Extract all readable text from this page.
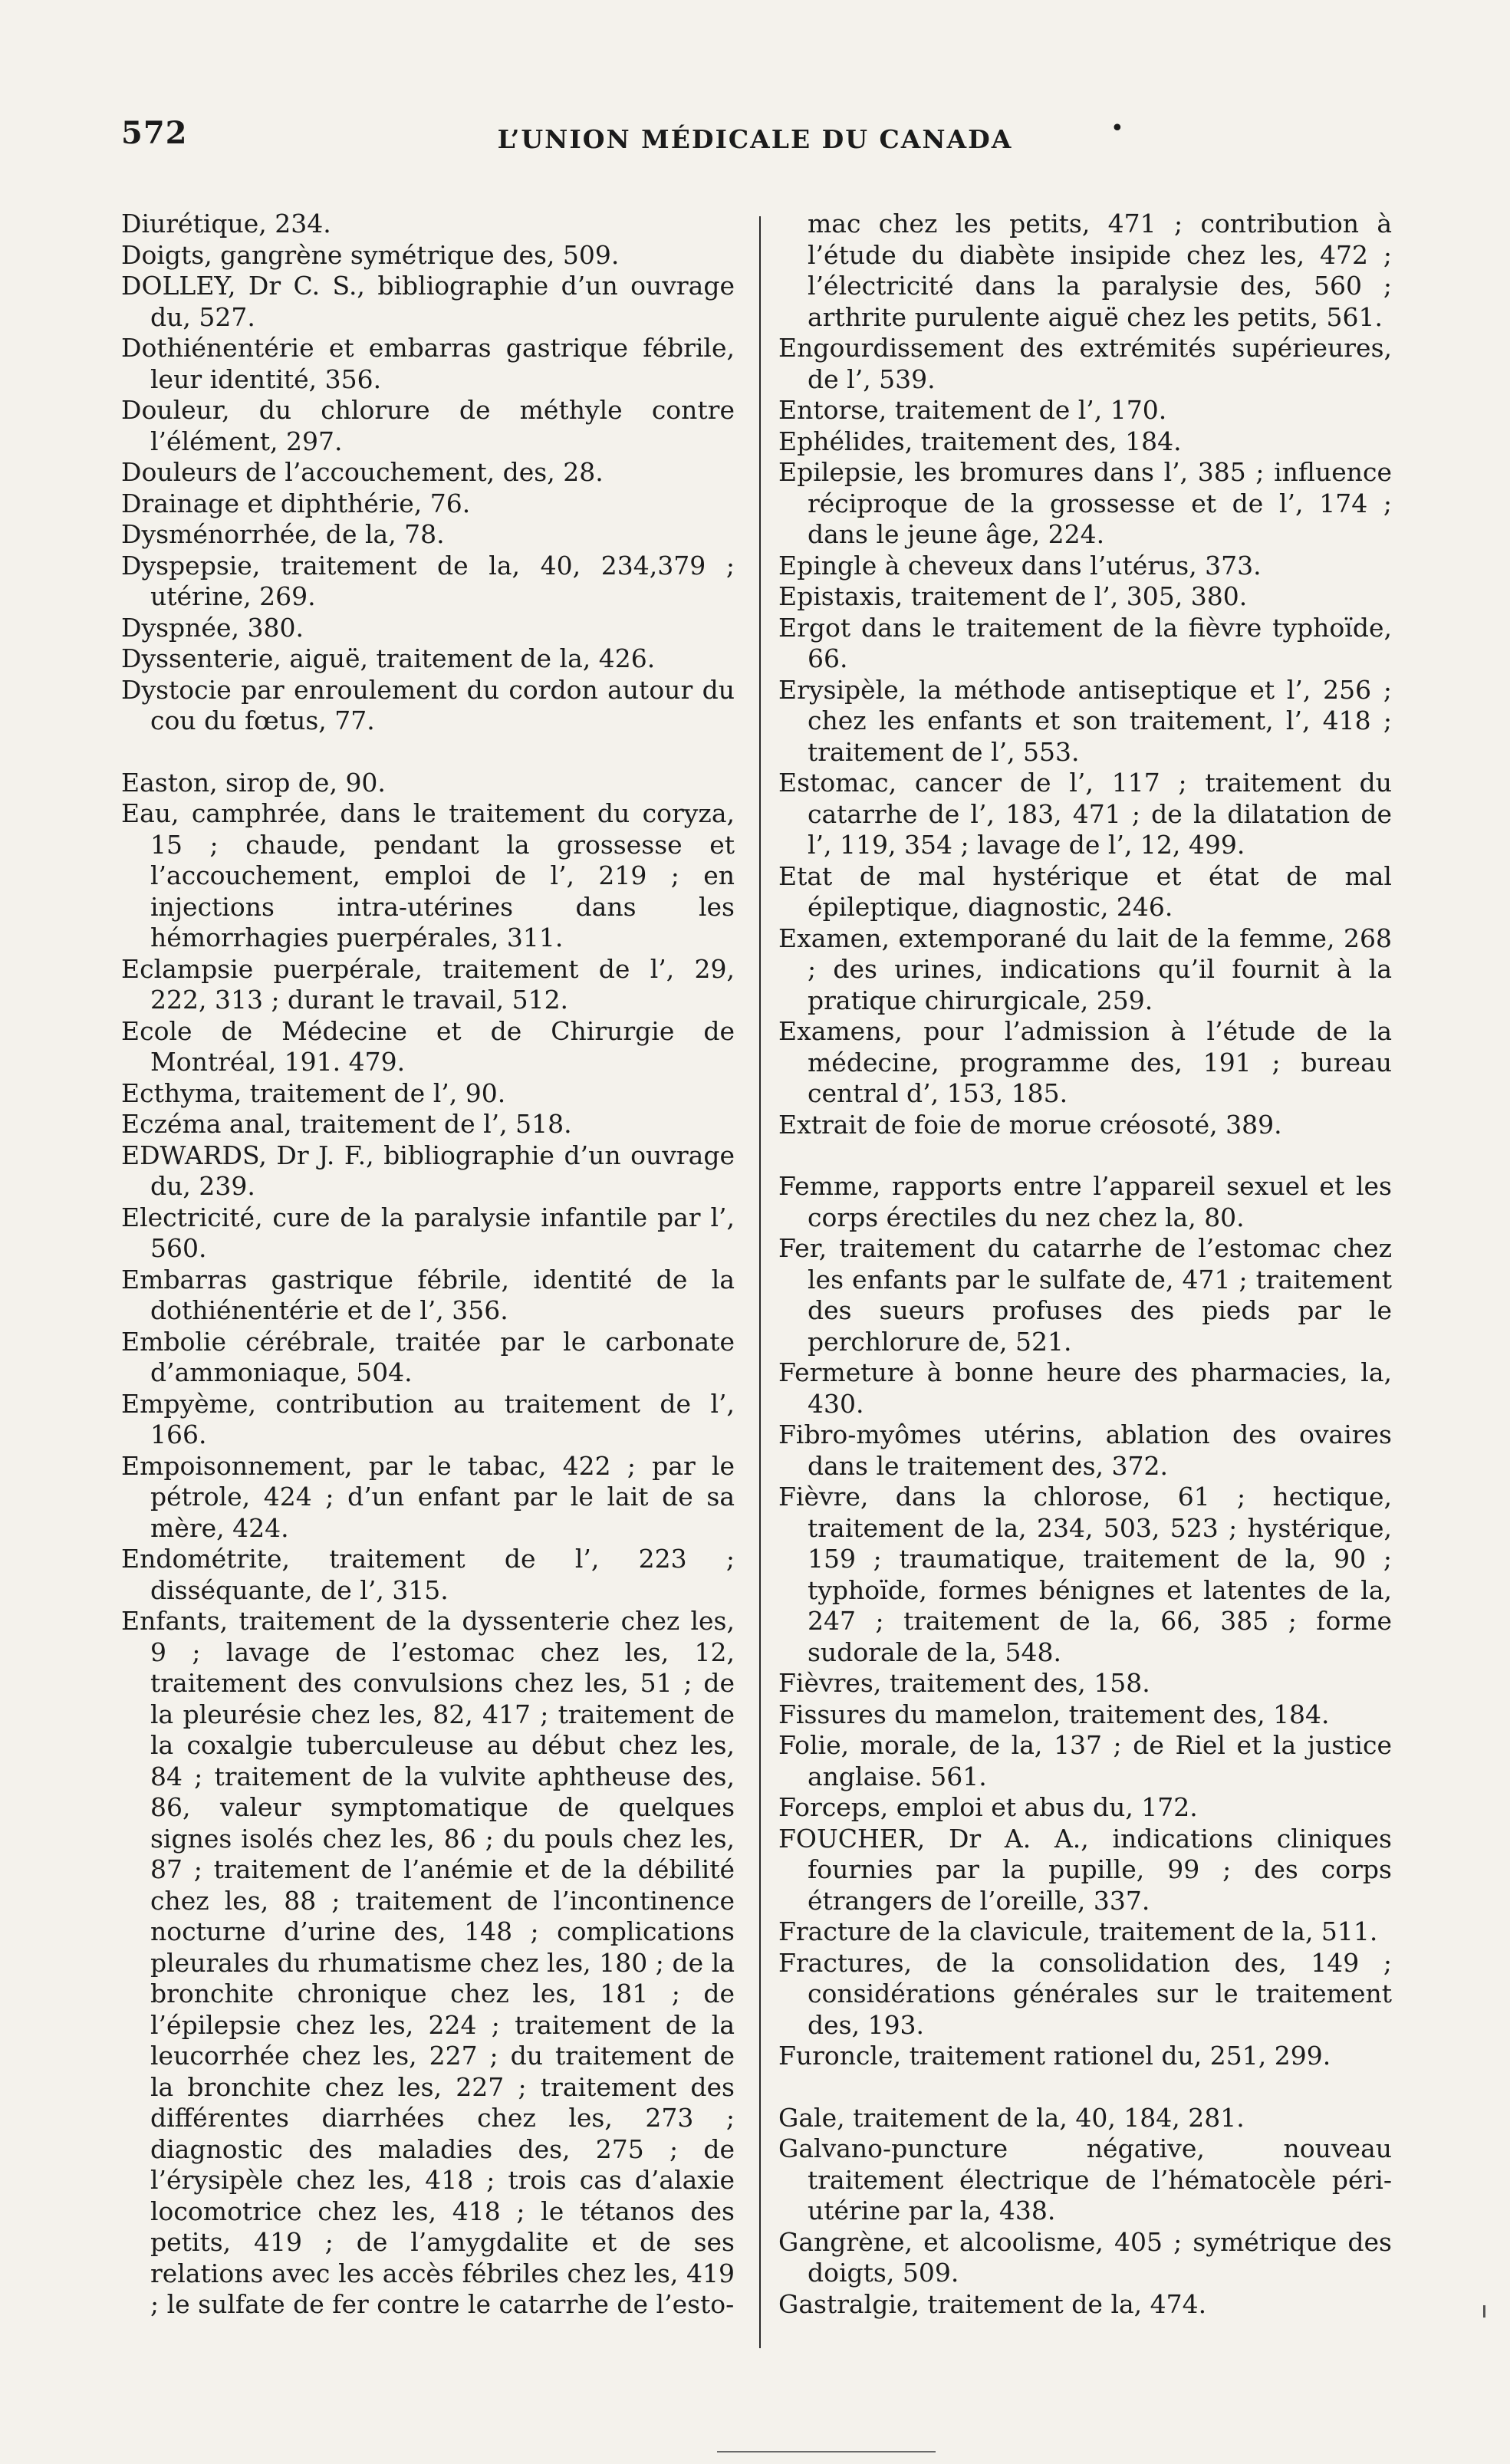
572	L’UNION MÉDICALE DU CANADA	•

Diurétique, 234.

Doigts, gangrène symétrique des, 509.

DOLLEY, Dr C. S., bibliographie d’un ouvrage du, 527.

Dothiénentérie et embarras gastrique fébrile, leur identité, 356.

Douleur, du chlorure de méthyle contre l’élément, 297.

Douleurs de l’accouchement, des, 28.

Drainage et diphthérie, 76.

Dysménorrhée, de la, 78.

Dyspepsie, traitement de la, 40, 234,379 ; utérine, 269.

Dyspnée, 380.

Dyssenterie, aiguë, traitement de la, 426.

Dystocie par enroulement du cordon autour du cou du fœtus, 77.

Easton, sirop de, 90.

Eau, camphrée, dans le traitement du coryza, 15 ; chaude, pendant la grossesse et l’accouchement, emploi de l’, 219 ; en injections intra-utérines dans les hémorrhagies puerpérales, 311.

Eclampsie puerpérale, traitement de l’, 29, 222, 313 ; durant le travail, 512.

Ecole de Médecine et de Chirurgie de Montréal, 191. 479.

Ecthyma, traitement de l’, 90.

Eczéma anal, traitement de l’, 518.

EDWARDS, Dr J. F., bibliographie d’un ouvrage du, 239.

Electricité, cure de la paralysie infantile par l’, 560.

Embarras gastrique fébrile, identité de la dothiénentérie et de l’, 356.

Embolie cérébrale, traitée par le carbonate d’ammoniaque, 504.

Empyème, contribution au traitement de l’, 166.

Empoisonnement, par le tabac, 422 ; par le pétrole, 424 ; d’un enfant par le lait de sa mère, 424.

Endométrite, traitement de l’, 223 ; disséquante, de l’, 315.

Enfants, traitement de la dyssenterie chez les, 9 ; lavage de l’estomac chez les, 12, traitement des convulsions chez les, 51 ; de la pleurésie chez les, 82, 417 ; traitement de la coxalgie tuberculeuse au début chez les, 84 ; traitement de la vulvite aphtheuse des, 86, valeur symptomatique de quelques signes isolés chez les, 86 ; du pouls chez les, 87 ; traitement de l’anémie et de la débilité chez les, 88 ; traitement de l’incontinence nocturne d’urine des, 148 ; complications pleurales du rhumatisme chez les, 180 ; de la bronchite chronique chez les, 181 ; de l’épilepsie chez les, 224 ; traitement de la leucorrhée chez les, 227 ; du traitement de la bronchite chez les, 227 ; traitement des différentes diarrhées chez les, 273 ; diagnostic des maladies des, 275 ; de l’érysipèle chez les, 418 ; trois cas d’alaxie locomotrice chez les, 418 ; le tétanos des petits, 419 ; de l’amygdalite et de ses relations avec les accès fébriles chez les, 419 ; le sulfate de fer contre le catarrhe de l’esto-

mac chez les petits, 471 ; contribution à l’étude du diabète insipide chez les, 472 ; l’électricité dans la paralysie des, 560 ; arthrite purulente aiguë chez les petits, 561.

Engourdissement des extrémités supérieures, de l’, 539.

Entorse, traitement de l’, 170.

Ephélides, traitement des, 184.

Epilepsie, les bromures dans l’, 385 ; influence réciproque de la grossesse et de l’, 174 ; dans le jeune âge, 224.

Epingle à cheveux dans l’utérus, 373.

Epistaxis, traitement de l’, 305, 380.

Ergot dans le traitement de la fièvre typhoïde, 66.

Erysipèle, la méthode antiseptique et l’, 256 ; chez les enfants et son traitement, l’, 418 ; traitement de l’, 553.

Estomac, cancer de l’, 117 ; traitement du catarrhe de l’, 183, 471 ; de la dilatation de l’, 119, 354 ; lavage de l’, 12, 499.

Etat de mal hystérique et état de mal épileptique, diagnostic, 246.

Examen, extemporané du lait de la femme, 268 ; des urines, indications qu’il fournit à la pratique chirurgicale, 259.

Examens, pour l’admission à l’étude de la médecine, programme des, 191 ; bureau central d’, 153, 185.

Extrait de foie de morue créosoté, 389.

Femme, rapports entre l’appareil sexuel et les corps érectiles du nez chez la, 80.

Fer, traitement du catarrhe de l’estomac chez les enfants par le sulfate de, 471 ; traitement des sueurs profuses des pieds par le perchlorure de, 521.

Fermeture à bonne heure des pharmacies, la, 430.

Fibro-myômes utérins, ablation des ovaires dans le traitement des, 372.

Fièvre, dans la chlorose, 61 ; hectique, traitement de la, 234, 503, 523 ; hystérique, 159 ; traumatique, traitement de la, 90 ; typhoïde, formes bénignes et latentes de la, 247 ; traitement de la, 66, 385 ; forme sudorale de la, 548.

Fièvres, traitement des, 158.

Fissures du mamelon, traitement des, 184.

Folie, morale, de la, 137 ; de Riel et la justice anglaise. 561.

Forceps, emploi et abus du, 172.

FOUCHER, Dr A. A., indications cliniques fournies par la pupille, 99 ; des corps étrangers de l’oreille, 337.

Fracture de la clavicule, traitement de la, 511.

Fractures, de la consolidation des, 149 ; considérations générales sur le traitement des, 193.

Furoncle, traitement rationel du, 251, 299.

Gale, traitement de la, 40, 184, 281.

Galvano-puncture négative, nouveau traitement électrique de l’hématocèle péri-utérine par la, 438.

Gangrène, et alcoolisme, 405 ; symétrique des doigts, 509.

Gastralgie, traitement de la, 474.
